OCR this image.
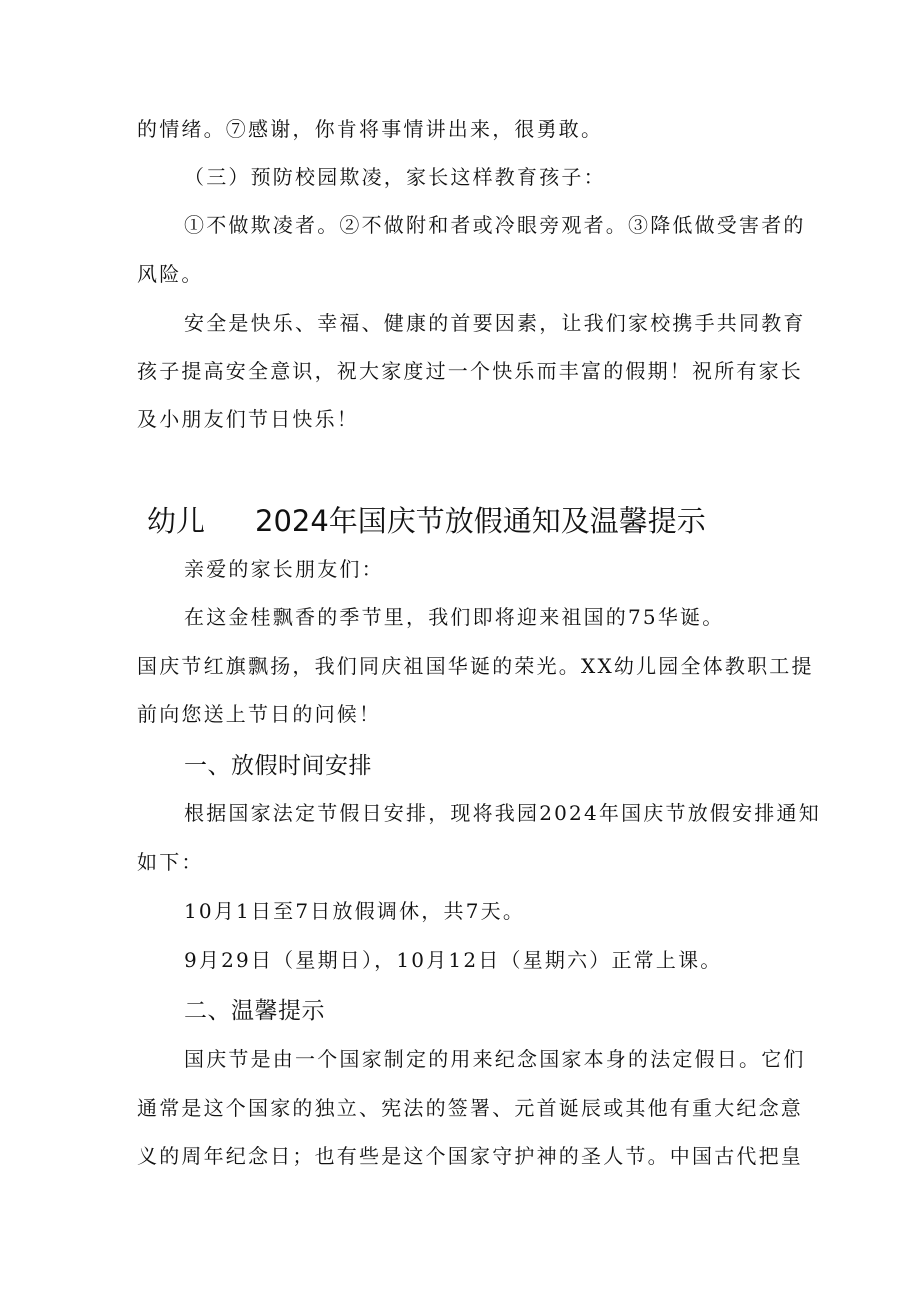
的情绪。⑦感谢，你肯将事情讲出来，很勇敢。
（三）预防校园欺凌，家长这样教育孩子：
①不做欺凌者。②不做附和者或冷眼旁观者。③降低做受害者的
风险。
安全是快乐、幸福、健康的首要因素，让我们家校携手共同教育
孩子提高安全意识，祝大家度过一个快乐而丰富的假期！祝所有家长
及小朋友们节日快乐！
幼儿 2024年国庆节放假通知及温馨提示
亲爱的家长朋友们：
在这金桂飘香的季节里，我们即将迎来祖国的75华诞。
国庆节红旗飘扬，我们同庆祖国华诞的荣光。XX幼儿园全体教职工提
前向您送上节日的问候！
一、放假时间安排
根据国家法定节假日安排，现将我园2024年国庆节放假安排通知
如下：
10月1日至7日放假调休，共7天。
9月29日（星期日），10月12日（星期六）正常上课。
二、温馨提示
国庆节是由一个国家制定的用来纪念国家本身的法定假日。它们
通常是这个国家的独立、宪法的签署、元首诞辰或其他有重大纪念意
义的周年纪念日；也有些是这个国家守护神的圣人节。中国古代把皇
